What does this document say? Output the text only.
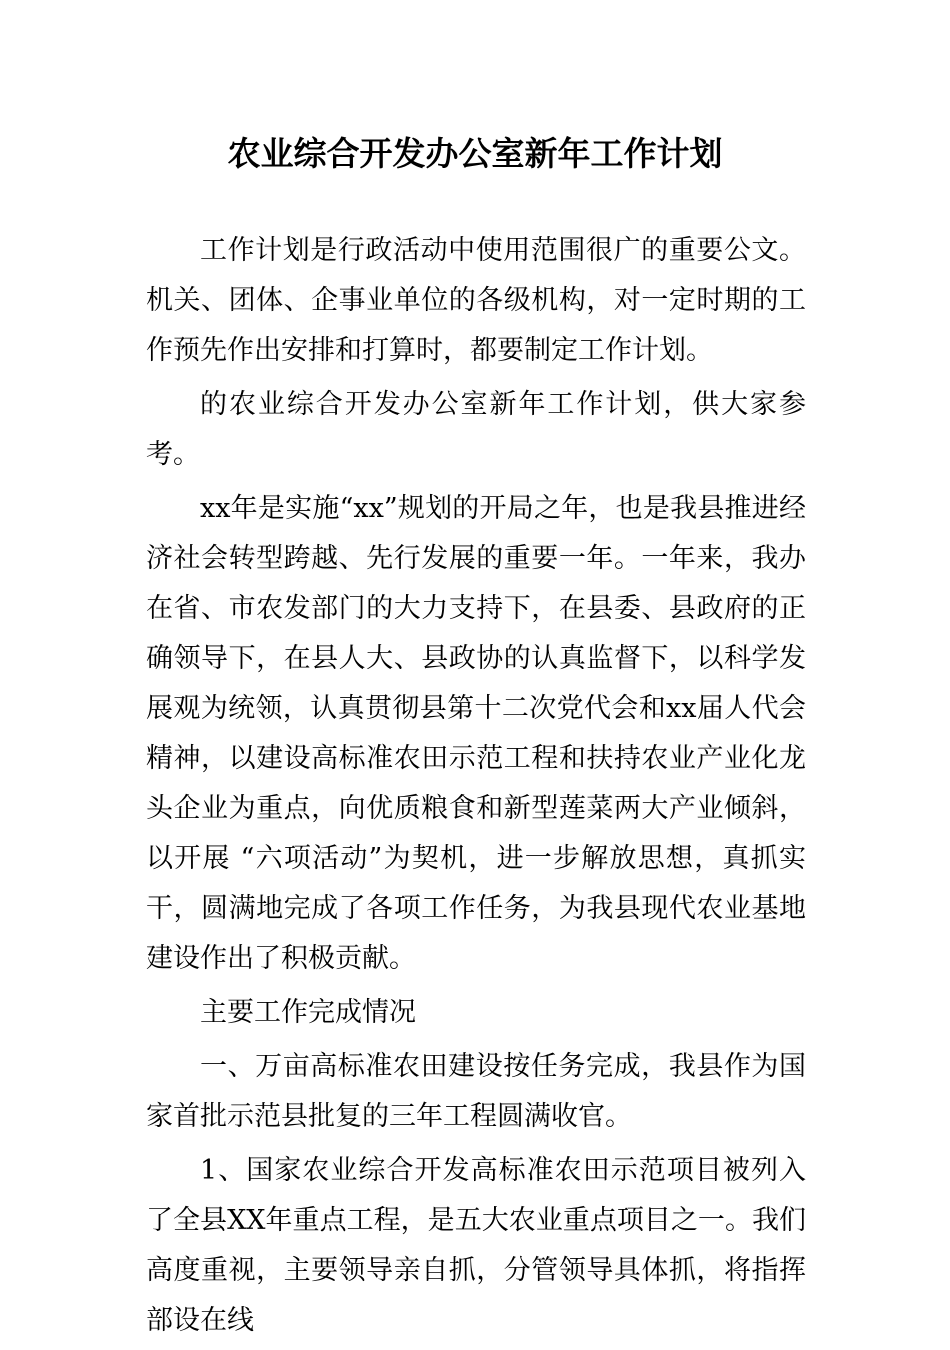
农业综合开发办公室新年工作计划

工作计划是行政活动中使用范围很广的重要公文。机关、团体、企事业单位的各级机构，对一定时期的工作预先作出安排和打算时，都要制定工作计划。

的农业综合开发办公室新年工作计划，供大家参考。

xx年是实施“xx”规划的开局之年，也是我县推进经济社会转型跨越、先行发展的重要一年。一年来，我办在省、市农发部门的大力支持下，在县委、县政府的正确领导下，在县人大、县政协的认真监督下，以科学发展观为统领，认真贯彻县第十二次党代会和xx届人代会精神，以建设高标准农田示范工程和扶持农业产业化龙头企业为重点，向优质粮食和新型莲菜两大产业倾斜，以开展 “六项活动”为契机，进一步解放思想，真抓实干，圆满地完成了各项工作任务，为我县现代农业基地建设作出了积极贡献。

主要工作完成情况

一、万亩高标准农田建设按任务完成，我县作为国家首批示范县批复的三年工程圆满收官。

1、国家农业综合开发高标准农田示范项目被列入了全县XX年重点工程，是五大农业重点项目之一。我们高度重视，主要领导亲自抓，分管领导具体抓，将指挥部设在线
